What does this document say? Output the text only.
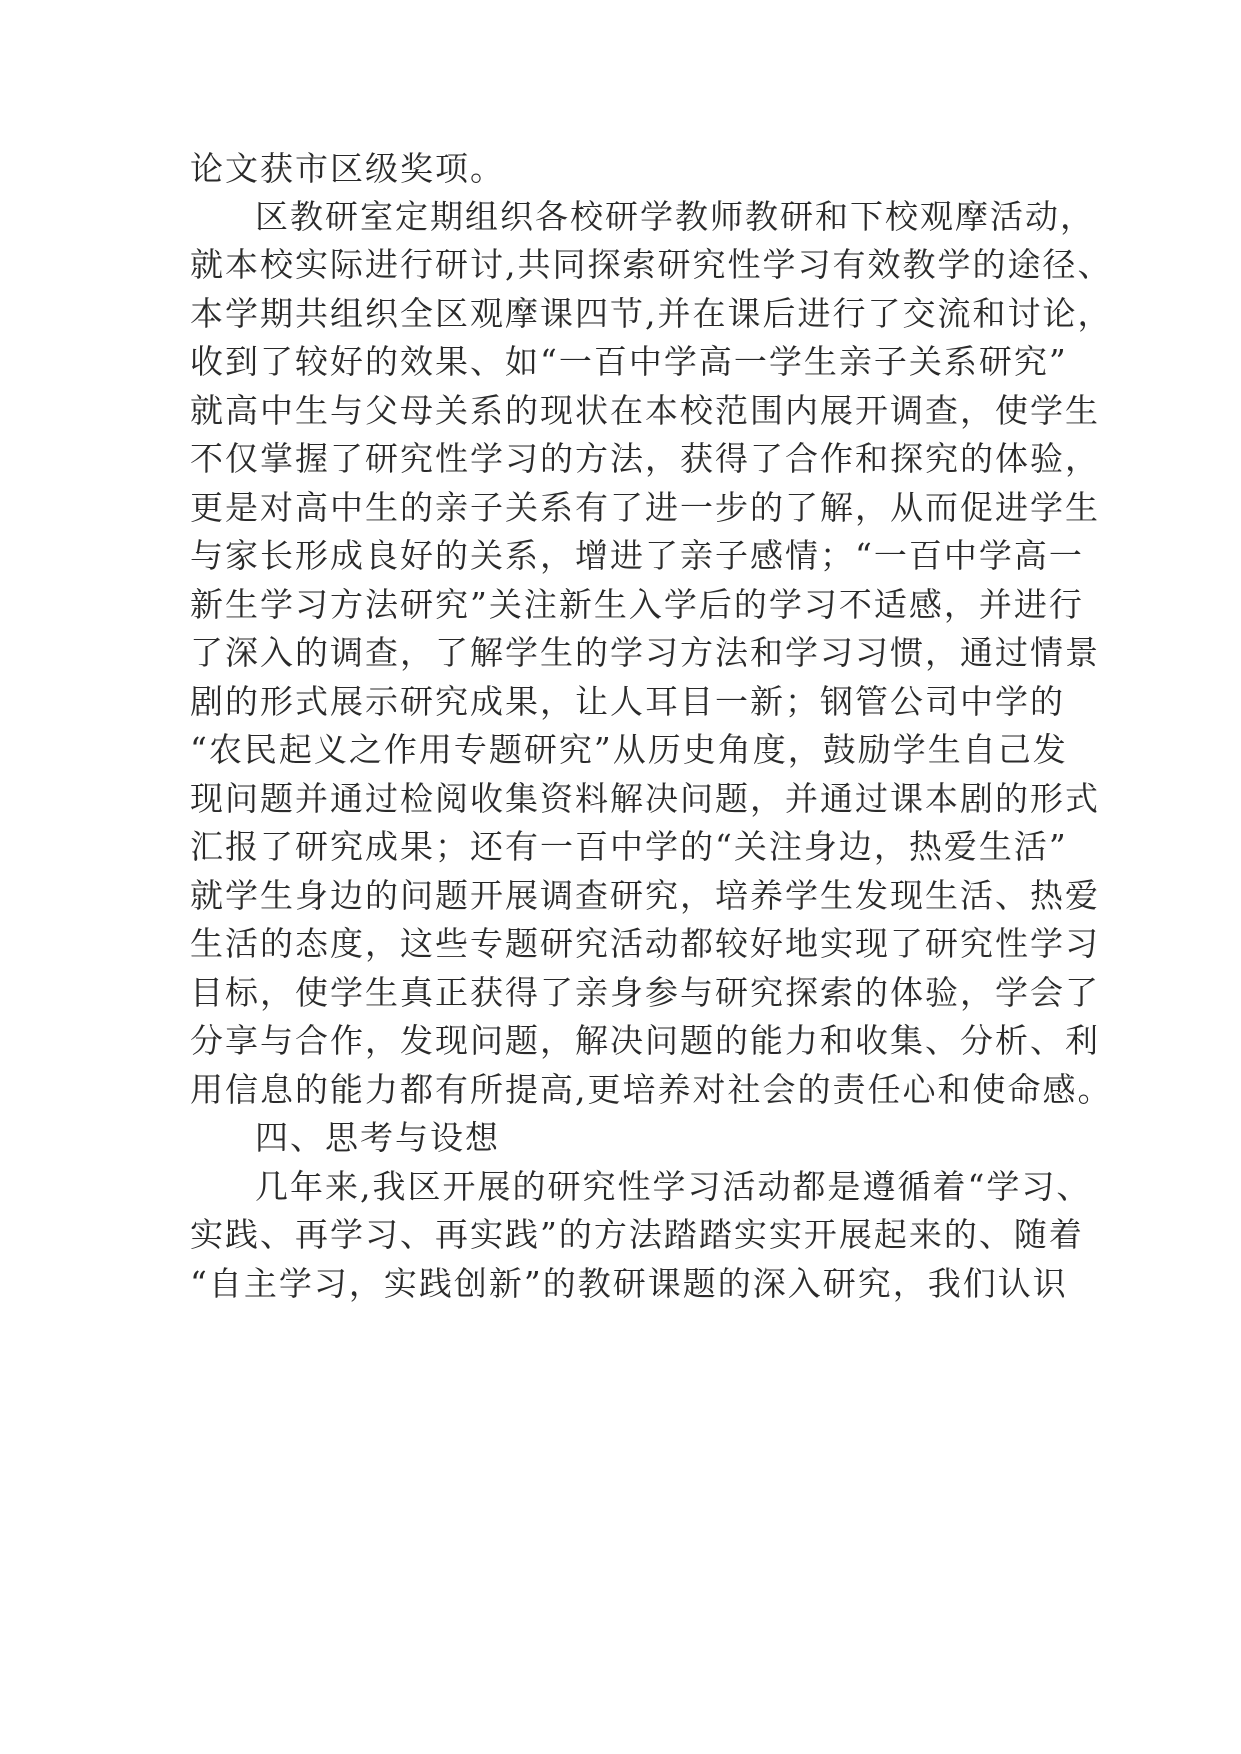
论文获市区级奖项。
区教研室定期组织各校研学教师教研和下校观摩活动，
就本校实际进行研讨,共同探索研究性学习有效教学的途径、
本学期共组织全区观摩课四节,并在课后进行了交流和讨论，
收到了较好的效果、如“一百中学高一学生亲子关系研究”
就高中生与父母关系的现状在本校范围内展开调查，使学生
不仅掌握了研究性学习的方法，获得了合作和探究的体验，
更是对高中生的亲子关系有了进一步的了解，从而促进学生
与家长形成良好的关系，增进了亲子感情；“一百中学高一
新生学习方法研究”关注新生入学后的学习不适感，并进行
了深入的调查，了解学生的学习方法和学习习惯，通过情景
剧的形式展示研究成果，让人耳目一新；钢管公司中学的
“农民起义之作用专题研究”从历史角度，鼓励学生自己发
现问题并通过检阅收集资料解决问题，并通过课本剧的形式
汇报了研究成果；还有一百中学的“关注身边，热爱生活”
就学生身边的问题开展调查研究，培养学生发现生活、热爱
生活的态度，这些专题研究活动都较好地实现了研究性学习
目标，使学生真正获得了亲身参与研究探索的体验，学会了
分享与合作，发现问题，解决问题的能力和收集、分析、利
用信息的能力都有所提高,更培养对社会的责任心和使命感。
四、思考与设想
几年来,我区开展的研究性学习活动都是遵循着“学习、
实践、再学习、再实践”的方法踏踏实实开展起来的、随着
“自主学习，实践创新”的教研课题的深入研究，我们认识
